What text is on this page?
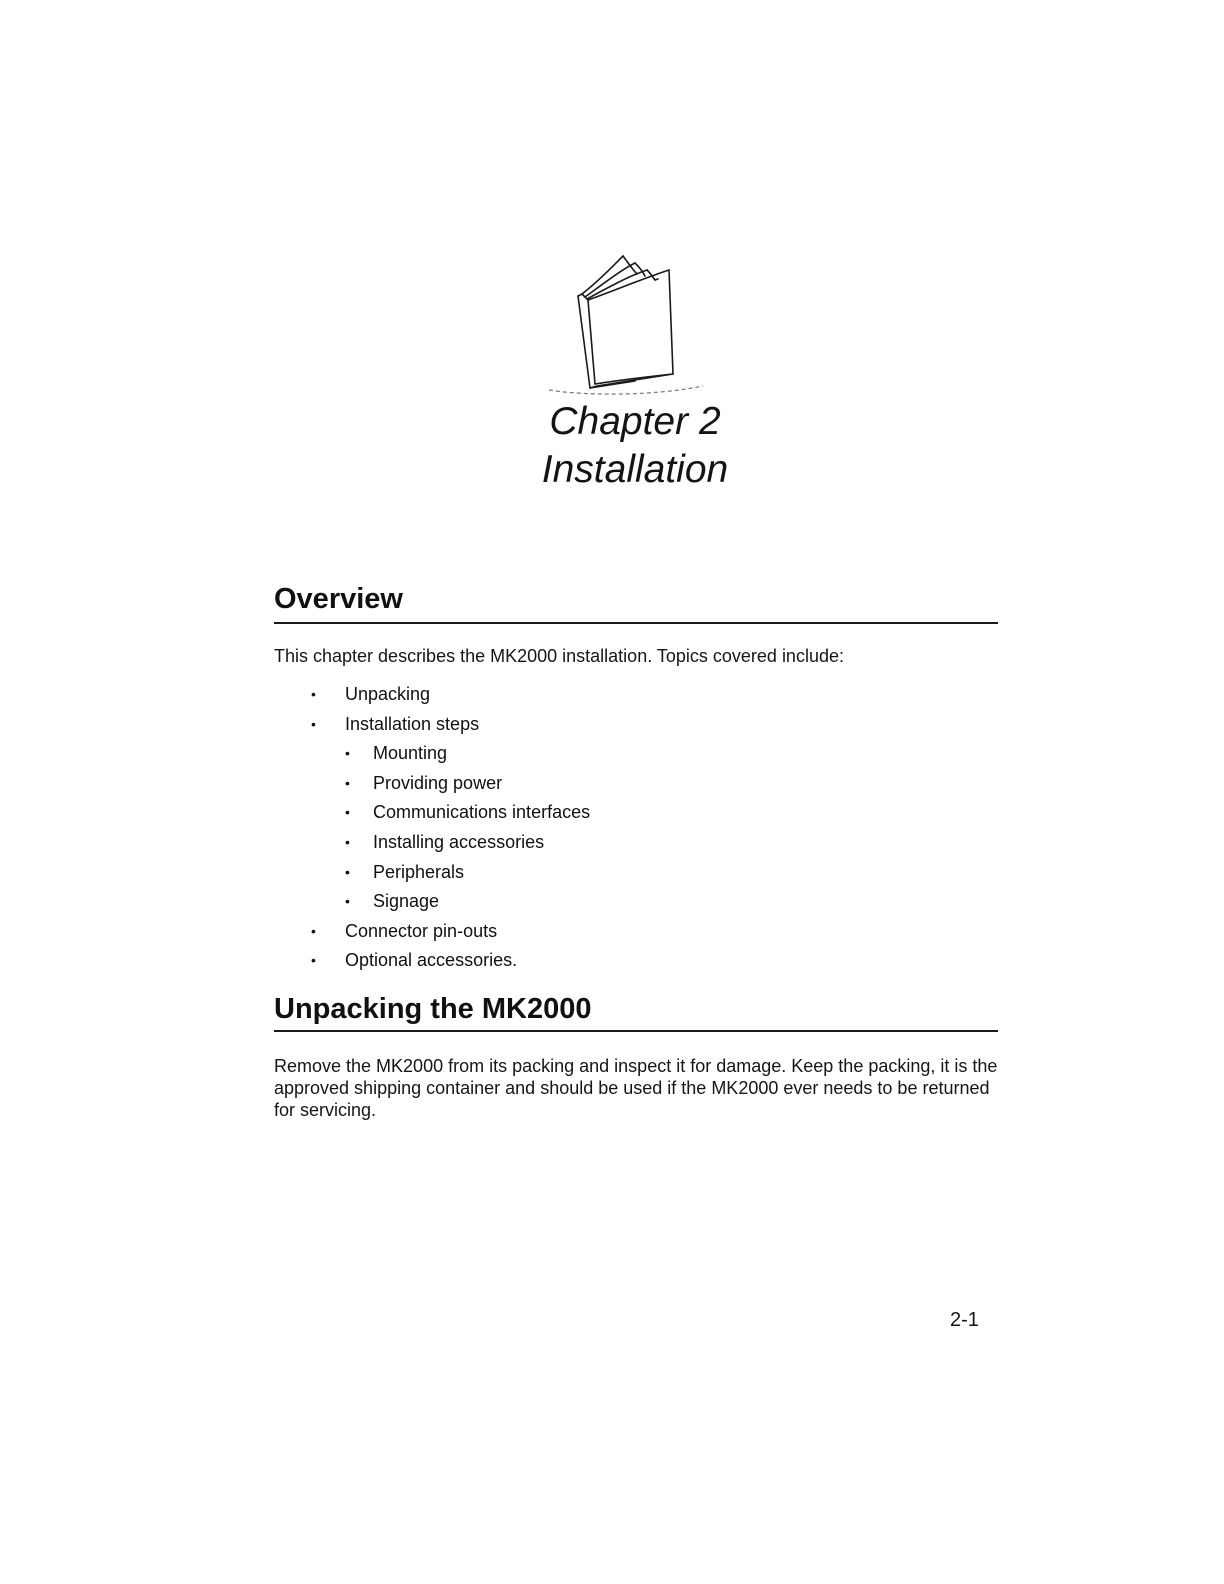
Chapter 2
Installation
Overview

This chapter describes the MK2000 installation. Topics covered include:

• Unpacking
• Installation steps
• Mounting
• Providing power
• Communications interfaces
• Installing accessories
• Peripherals
• Signage
• Connector pin-outs
• Optional accessories.
Unpacking the MK2000

Remove the MK2000 from its packing and inspect it for damage. Keep the packing, it is the approved shipping container and should be used if the MK2000 ever needs to be returned for servicing.

2-1
